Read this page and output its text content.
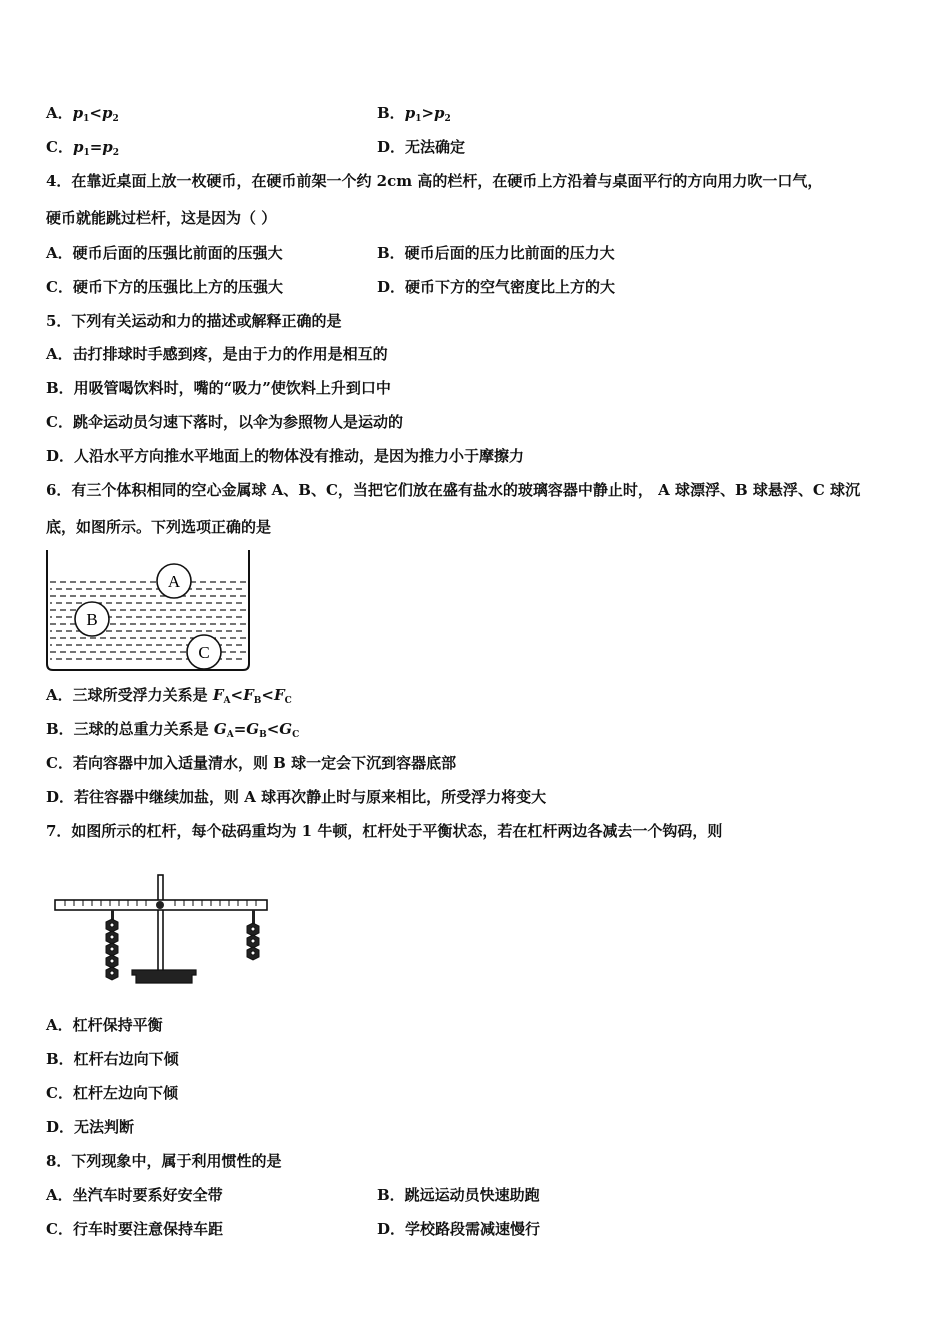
A．$p_1<p_2$	B．$p_1>p_2$
C．$p_1=p_2$	D．无法确定
4．在靠近桌面上放一枚硬币，在硬币前架一个约 2cm 高的栏杆，在硬币上方沿着与桌面平行的方向用力吹一口气，
硬币就能跳过栏杆，这是因为（ ）
A．硬币后面的压强比前面的压强大	B．硬币后面的压力比前面的压力大
C．硬币下方的压强比上方的压强大	D．硬币下方的空气密度比上方的大
5．下列有关运动和力的描述或解释正确的是
A．击打排球时手感到疼，是由于力的作用是相互的
B．用吸管喝饮料时，嘴的“吸力”使饮料上升到口中
C．跳伞运动员匀速下落时，以伞为参照物人是运动的
D．人沿水平方向推水平地面上的物体没有推动，是因为推力小于摩擦力
6．有三个体积相同的空心金属球 A、B、C，当把它们放在盛有盐水的玻璃容器中静止时， A 球漂浮、B 球悬浮、C 球沉
底，如图所示。下列选项正确的是
A
B
C
A．三球所受浮力关系是 $F_A<F_B<F_C$
B．三球的总重力关系是 $G_A=G_B<G_C$
C．若向容器中加入适量清水，则 B 球一定会下沉到容器底部
D．若往容器中继续加盐，则 A 球再次静止时与原来相比，所受浮力将变大
7．如图所示的杠杆，每个砝码重均为 1 牛顿，杠杆处于平衡状态，若在杠杆两边各减去一个钩码，则
A．杠杆保持平衡
B．杠杆右边向下倾
C．杠杆左边向下倾
D．无法判断
8．下列现象中，属于利用惯性的是
A．坐汽车时要系好安全带	B．跳远运动员快速助跑
C．行车时要注意保持车距	D．学校路段需减速慢行
